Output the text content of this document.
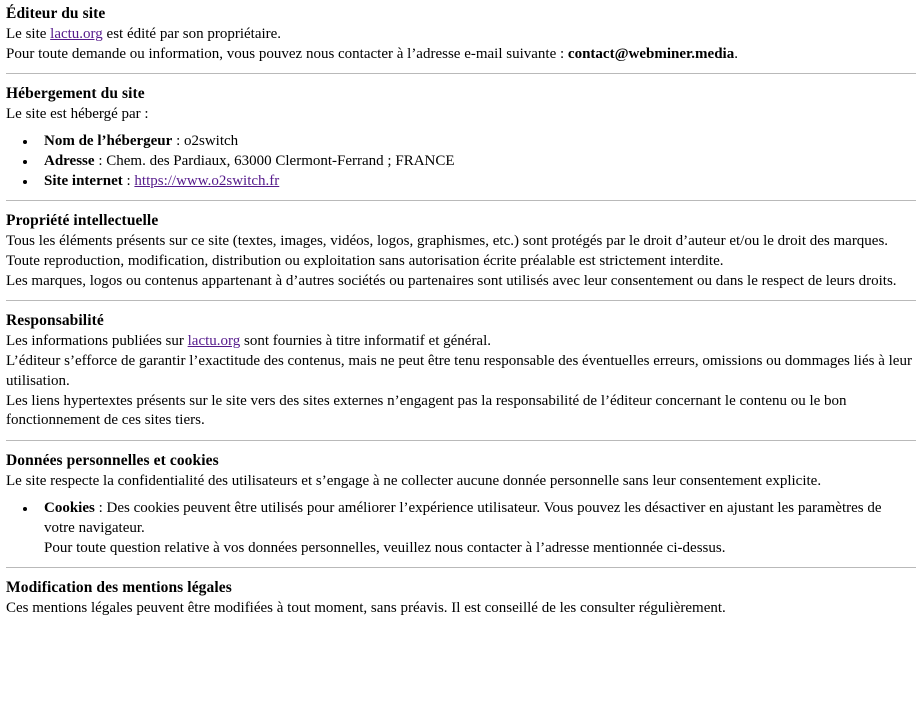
Éditeur du site

Le site lactu.org est édité par son propriétaire.

Pour toute demande ou information, vous pouvez nous contacter à l’adresse e-mail suivante : contact@webminer.media.

Hébergement du site

Le site est hébergé par :

• Nom de l’hébergeur : o2switch
• Adresse : Chem. des Pardiaux, 63000 Clermont-Ferrand ; FRANCE
• Site internet : https://www.o2switch.fr
Propriété intellectuelle

Tous les éléments présents sur ce site (textes, images, vidéos, logos, graphismes, etc.) sont protégés par le droit d’auteur et/ou le droit des marques.

Toute reproduction, modification, distribution ou exploitation sans autorisation écrite préalable est strictement interdite.

Les marques, logos ou contenus appartenant à d’autres sociétés ou partenaires sont utilisés avec leur consentement ou dans le respect de leurs droits.

Responsabilité

Les informations publiées sur lactu.org sont fournies à titre informatif et général.

L’éditeur s’efforce de garantir l’exactitude des contenus, mais ne peut être tenu responsable des éventuelles erreurs, omissions ou dommages liés à leur utilisation.

Les liens hypertextes présents sur le site vers des sites externes n’engagent pas la responsabilité de l’éditeur concernant le contenu ou le bon fonctionnement de ces sites tiers.

Données personnelles et cookies

Le site respecte la confidentialité des utilisateurs et s’engage à ne collecter aucune donnée personnelle sans leur consentement explicite.

• Cookies : Des cookies peuvent être utilisés pour améliorer l’expérience utilisateur. Vous pouvez les désactiver en ajustant les paramètres de votre navigateur.
Pour toute question relative à vos données personnelles, veuillez nous contacter à l’adresse mentionnée ci-dessus.
Modification des mentions légales

Ces mentions légales peuvent être modifiées à tout moment, sans préavis. Il est conseillé de les consulter régulièrement.
